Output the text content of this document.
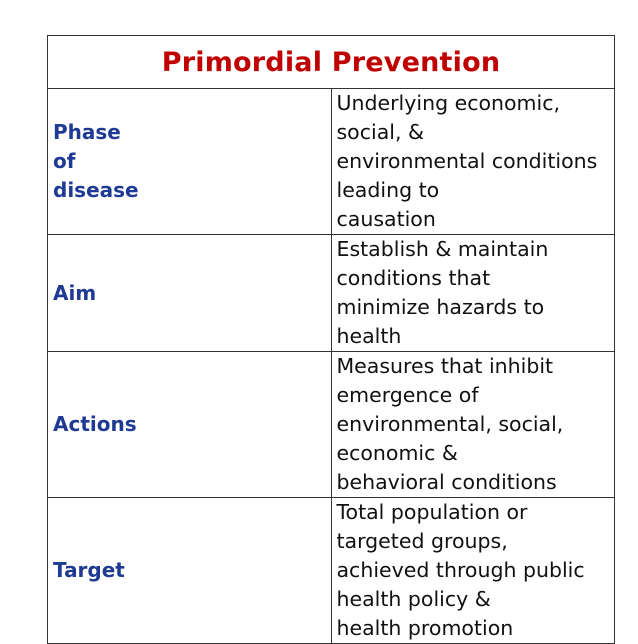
Primordial Prevention	
Phase
of
disease	Underlying economic, social, &
environmental conditions leading to
causation
Aim	Establish & maintain conditions that
minimize hazards to health
Actions	Measures that inhibit emergence of
environmental, social, economic &
behavioral conditions
Target	Total population or targeted groups,
achieved through public health policy &
health promotion
